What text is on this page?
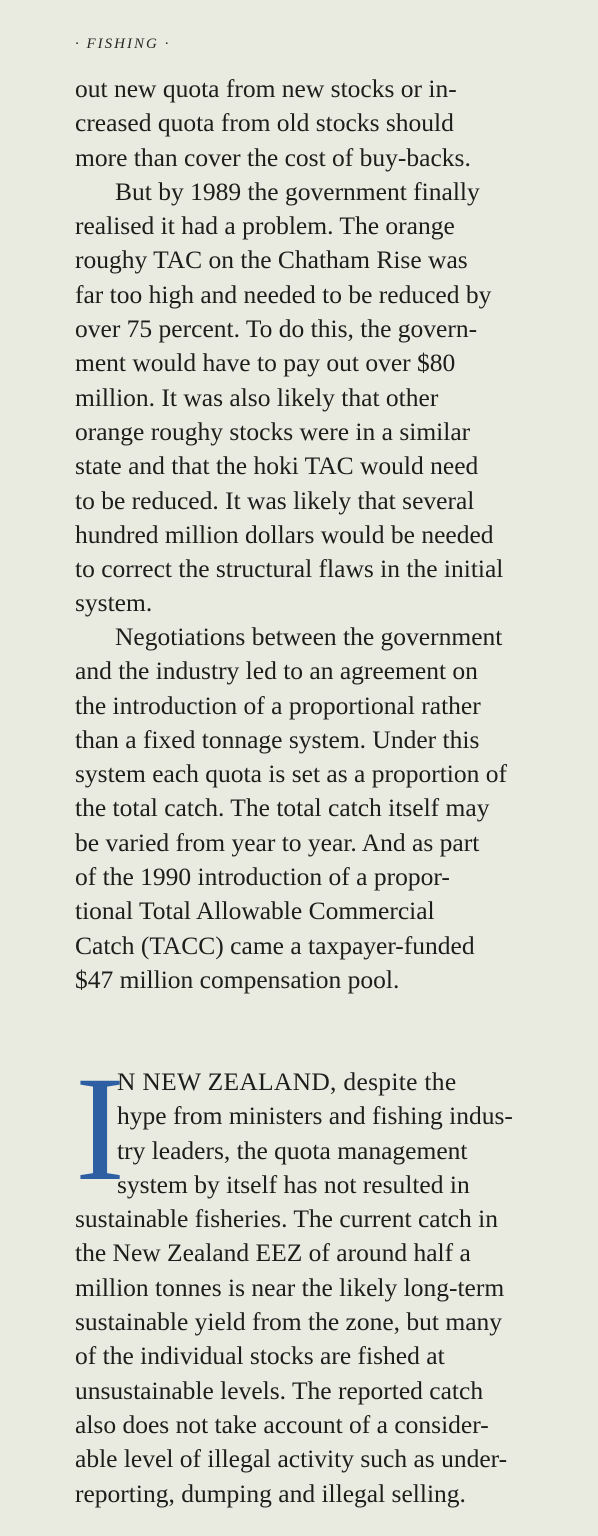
· FISHING ·
out new quota from new stocks or in-
creased quota from old stocks should
more than cover the cost of buy-backs.
But by 1989 the government finally
realised it had a problem. The orange
roughy TAC on the Chatham Rise was
far too high and needed to be reduced by
over 75 percent. To do this, the govern-
ment would have to pay out over $80
million. It was also likely that other
orange roughy stocks were in a similar
state and that the hoki TAC would need
to be reduced. It was likely that several
hundred million dollars would be needed
to correct the structural flaws in the initial
system.
Negotiations between the government
and the industry led to an agreement on
the introduction of a proportional rather
than a fixed tonnage system. Under this
system each quota is set as a proportion of
the total catch. The total catch itself may
be varied from year to year. And as part
of the 1990 introduction of a propor-
tional Total Allowable Commercial
Catch (TACC) came a taxpayer-funded
$47 million compensation pool.
I
N NEW ZEALAND, despite the
hype from ministers and fishing indus-
try leaders, the quota management
system by itself has not resulted in
sustainable fisheries. The current catch in
the New Zealand EEZ of around half a
million tonnes is near the likely long-term
sustainable yield from the zone, but many
of the individual stocks are fished at
unsustainable levels. The reported catch
also does not take account of a consider-
able level of illegal activity such as under-
reporting, dumping and illegal selling.
